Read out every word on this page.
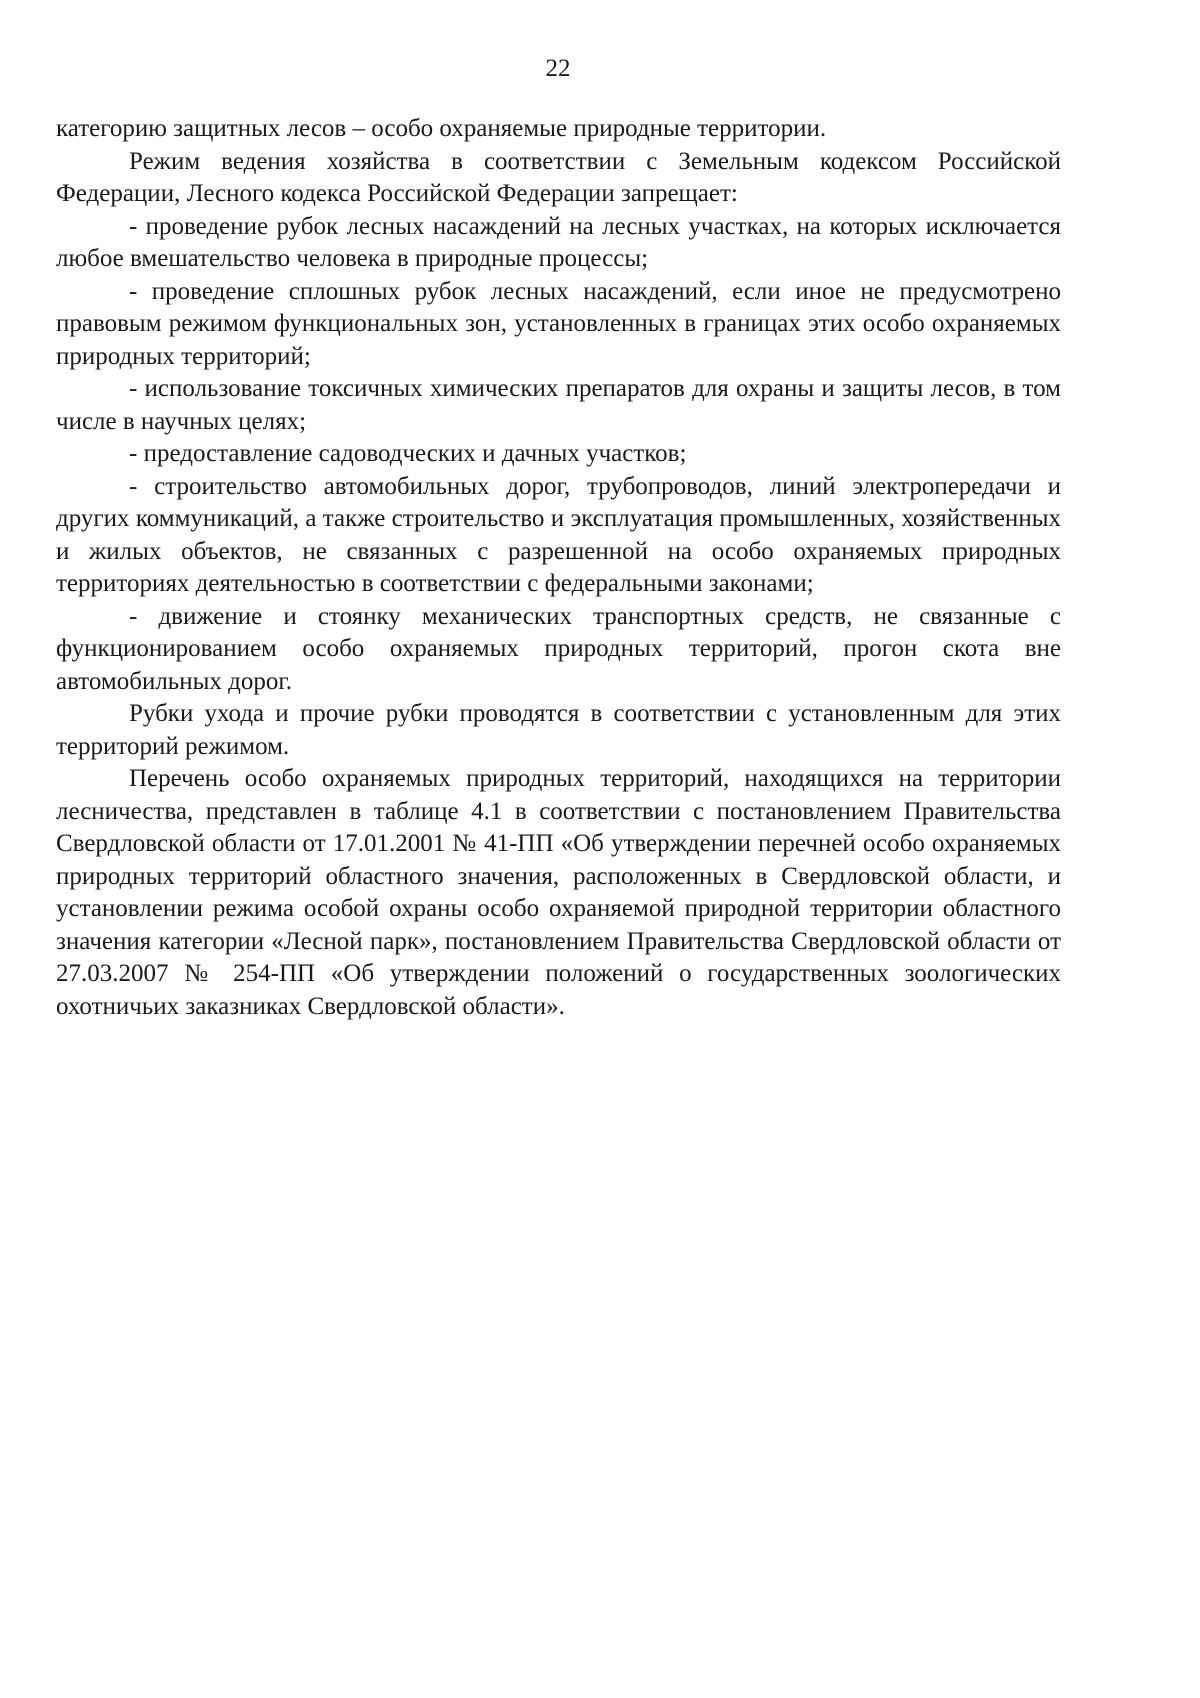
22

категорию защитных лесов – особо охраняемые природные территории.

Режим ведения хозяйства в соответствии с Земельным кодексом Российской Федерации, Лесного кодекса Российской Федерации запрещает:

- проведение рубок лесных насаждений на лесных участках, на которых исключается любое вмешательство человека в природные процессы;

- проведение сплошных рубок лесных насаждений, если иное не предусмотрено правовым режимом функциональных зон, установленных в границах этих особо охраняемых природных территорий;

- использование токсичных химических препаратов для охраны и защиты лесов, в том числе в научных целях;

- предоставление садоводческих и дачных участков;

- строительство автомобильных дорог, трубопроводов, линий электропередачи и других коммуникаций, а также строительство и эксплуатация промышленных, хозяйственных и жилых объектов, не связанных с разрешенной на особо охраняемых природных территориях деятельностью в соответствии с федеральными законами;

- движение и стоянку механических транспортных средств, не связанные с функционированием особо охраняемых природных территорий, прогон скота вне автомобильных дорог.

Рубки ухода и прочие рубки проводятся в соответствии с установленным для этих территорий режимом.

Перечень особо охраняемых природных территорий, находящихся на территории лесничества, представлен в таблице 4.1 в соответствии с постановлением Правительства Свердловской области от 17.01.2001 № 41-ПП «Об утверждении перечней особо охраняемых природных территорий областного значения, расположенных в Свердловской области, и установлении режима особой охраны особо охраняемой природной территории областного значения категории «Лесной парк», постановлением Правительства Свердловской области от 27.03.2007 № 254-ПП «Об утверждении положений о государственных зоологических охотничьих заказниках Свердловской области».
